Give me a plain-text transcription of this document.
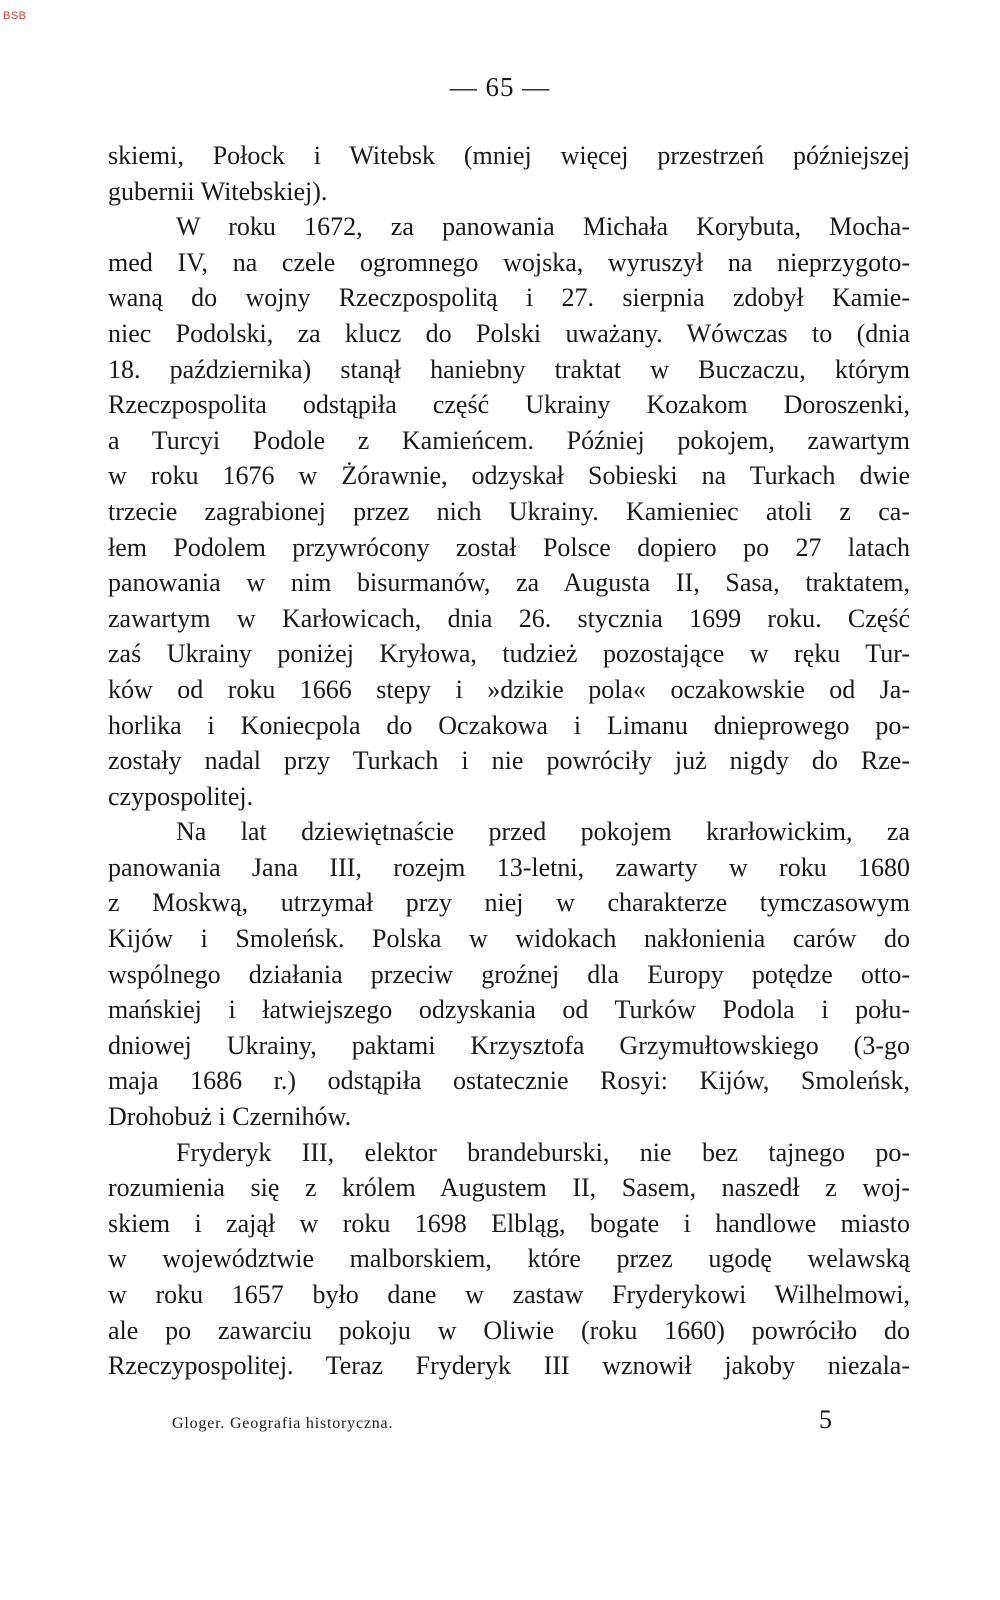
BSB
— 65 —
skiemi, Połock i Witebsk (mniej więcej przestrzeń późniejszej
gubernii Witebskiej).
W roku 1672, za panowania Michała Korybuta, Mocha-
med IV, na czele ogromnego wojska, wyruszył na nieprzygoto-
waną do wojny Rzeczpospolitą i 27. sierpnia zdobył Kamie-
niec Podolski, za klucz do Polski uważany. Wówczas to (dnia
18. października) stanął haniebny traktat w Buczaczu, którym
Rzeczpospolita odstąpiła część Ukrainy Kozakom Doroszenki,
a Turcyi Podole z Kamieńcem. Później pokojem, zawartym
w roku 1676 w Żórawnie, odzyskał Sobieski na Turkach dwie
trzecie zagrabionej przez nich Ukrainy. Kamieniec atoli z ca-
łem Podolem przywrócony został Polsce dopiero po 27 latach
panowania w nim bisurmanów, za Augusta II, Sasa, traktatem,
zawartym w Karłowicach, dnia 26. stycznia 1699 roku. Część
zaś Ukrainy poniżej Kryłowa, tudzież pozostające w ręku Tur-
ków od roku 1666 stepy i »dzikie pola« oczakowskie od Ja-
horlika i Koniecpola do Oczakowa i Limanu dnieprowego po-
zostały nadal przy Turkach i nie powróciły już nigdy do Rze-
czypospolitej.
Na lat dziewiętnaście przed pokojem krarłowickim, za
panowania Jana III, rozejm 13-letni, zawarty w roku 1680
z Moskwą, utrzymał przy niej w charakterze tymczasowym
Kijów i Smoleńsk. Polska w widokach nakłonienia carów do
wspólnego działania przeciw groźnej dla Europy potędze otto-
mańskiej i łatwiejszego odzyskania od Turków Podola i połu-
dniowej Ukrainy, paktami Krzysztofa Grzymułtowskiego (3-go
maja 1686 r.) odstąpiła ostatecznie Rosyi: Kijów, Smoleńsk,
Drohobuż i Czernihów.
Fryderyk III, elektor brandeburski, nie bez tajnego po-
rozumienia się z królem Augustem II, Sasem, naszedł z woj-
skiem i zajął w roku 1698 Elbląg, bogate i handlowe miasto
w województwie malborskiem, które przez ugodę welawską
w roku 1657 było dane w zastaw Fryderykowi Wilhelmowi,
ale po zawarciu pokoju w Oliwie (roku 1660) powróciło do
Rzeczypospolitej. Teraz Fryderyk III wznowił jakoby niezala-
Gloger. Geografia historyczna.	5
